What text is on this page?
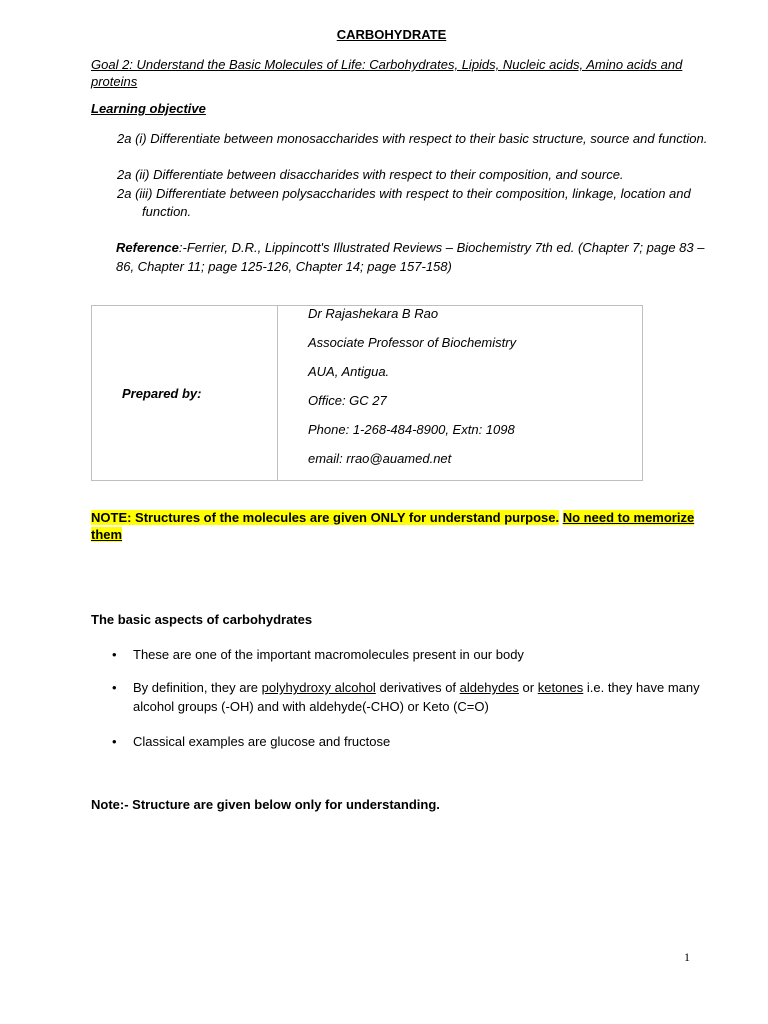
CARBOHYDRATE
Goal 2: Understand the Basic Molecules of Life: Carbohydrates, Lipids, Nucleic acids, Amino acids and proteins
Learning objective
2a (i) Differentiate between monosaccharides with respect to their basic structure, source and function.
2a (ii) Differentiate between disaccharides with respect to their composition, and source.
2a (iii) Differentiate between polysaccharides with respect to their composition, linkage, location and function.
Reference:-Ferrier, D.R., Lippincott's Illustrated Reviews – Biochemistry 7th ed. (Chapter 7; page 83 – 86, Chapter 11; page 125-126, Chapter 14; page 157-158)
Prepared by:	
Dr Rajashekara B Rao
Associate Professor of Biochemistry
AUA, Antigua.
Office: GC 27
Phone: 1-268-484-8900, Extn: 1098
email: rrao@auamed.net
NOTE: Structures of the molecules are given ONLY for understand purpose. No need to memorize them
The basic aspects of carbohydrates
• These are one of the important macromolecules present in our body
• By definition, they are polyhydroxy alcohol derivatives of aldehydes or ketones i.e. they have many alcohol groups (-OH) and with aldehyde(-CHO) or Keto (C=O)
• Classical examples are glucose and fructose
Note:- Structure are given below only for understanding.
1
